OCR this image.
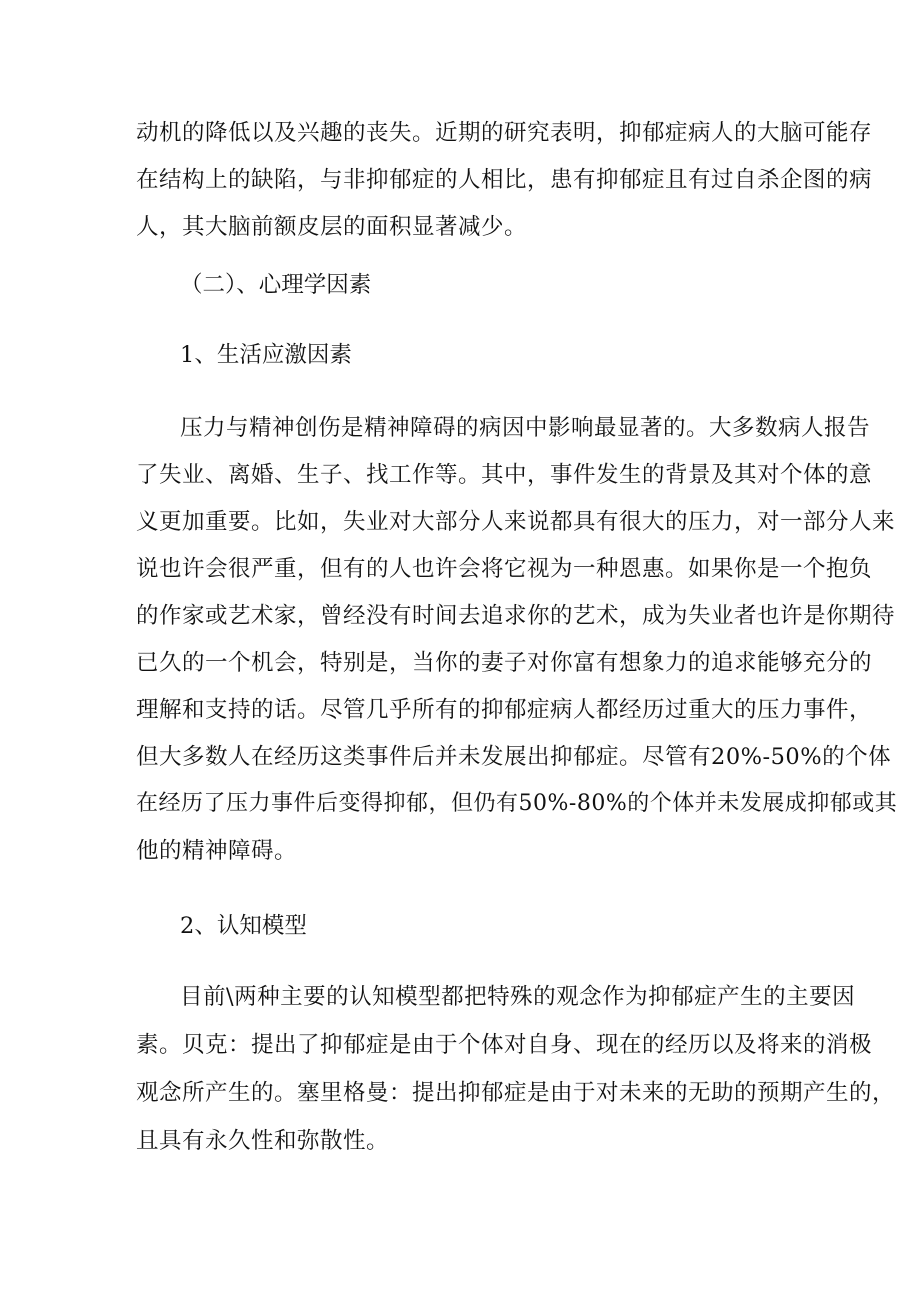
动机的降低以及兴趣的丧失。近期的研究表明，抑郁症病人的大脑可能存

在结构上的缺陷，与非抑郁症的人相比，患有抑郁症且有过自杀企图的病

人，其大脑前额皮层的面积显著减少。

（二）、心理学因素

1、生活应激因素

压力与精神创伤是精神障碍的病因中影响最显著的。大多数病人报告

了失业、离婚、生子、找工作等。其中，事件发生的背景及其对个体的意

义更加重要。比如，失业对大部分人来说都具有很大的压力，对一部分人来

说也许会很严重，但有的人也许会将它视为一种恩惠。如果你是一个抱负

的作家或艺术家，曾经没有时间去追求你的艺术，成为失业者也许是你期待

已久的一个机会，特别是，当你的妻子对你富有想象力的追求能够充分的

理解和支持的话。尽管几乎所有的抑郁症病人都经历过重大的压力事件，

但大多数人在经历这类事件后并未发展出抑郁症。尽管有20%-50%的个体

在经历了压力事件后变得抑郁，但仍有50%-80%的个体并未发展成抑郁或其

他的精神障碍。

2、认知模型

目前\两种主要的认知模型都把特殊的观念作为抑郁症产生的主要因

素。贝克：提出了抑郁症是由于个体对自身、现在的经历以及将来的消极

观念所产生的。塞里格曼：提出抑郁症是由于对未来的无助的预期产生的，

且具有永久性和弥散性。
